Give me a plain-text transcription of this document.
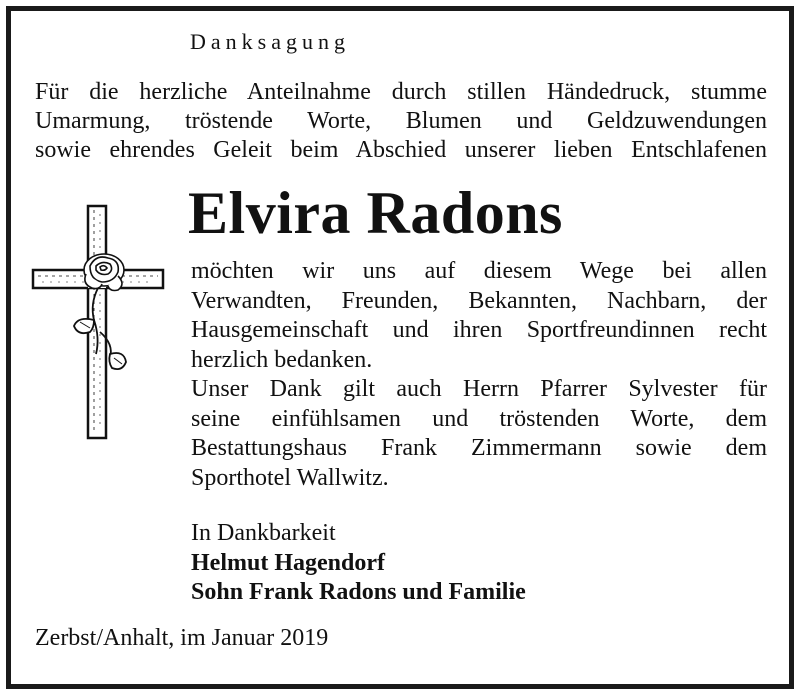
Danksagung
Für die herzliche Anteilnahme durch stillen Händedruck, stumme
Umarmung, tröstende Worte, Blumen und Geldzuwendungen
sowie ehrendes Geleit beim Abschied unserer lieben Entschlafenen
Elvira Radons
möchten wir uns auf diesem Wege bei allen
Verwandten, Freunden, Bekannten, Nachbarn, der
Hausgemeinschaft und ihren Sportfreundinnen recht
herzlich bedanken.
Unser Dank gilt auch Herrn Pfarrer Sylvester für
seine einfühlsamen und tröstenden Worte, dem
Bestattungshaus Frank Zimmermann sowie dem
Sporthotel Wallwitz.
In Dankbarkeit
Helmut Hagendorf
Sohn Frank Radons und Familie
Zerbst/Anhalt, im Januar 2019
